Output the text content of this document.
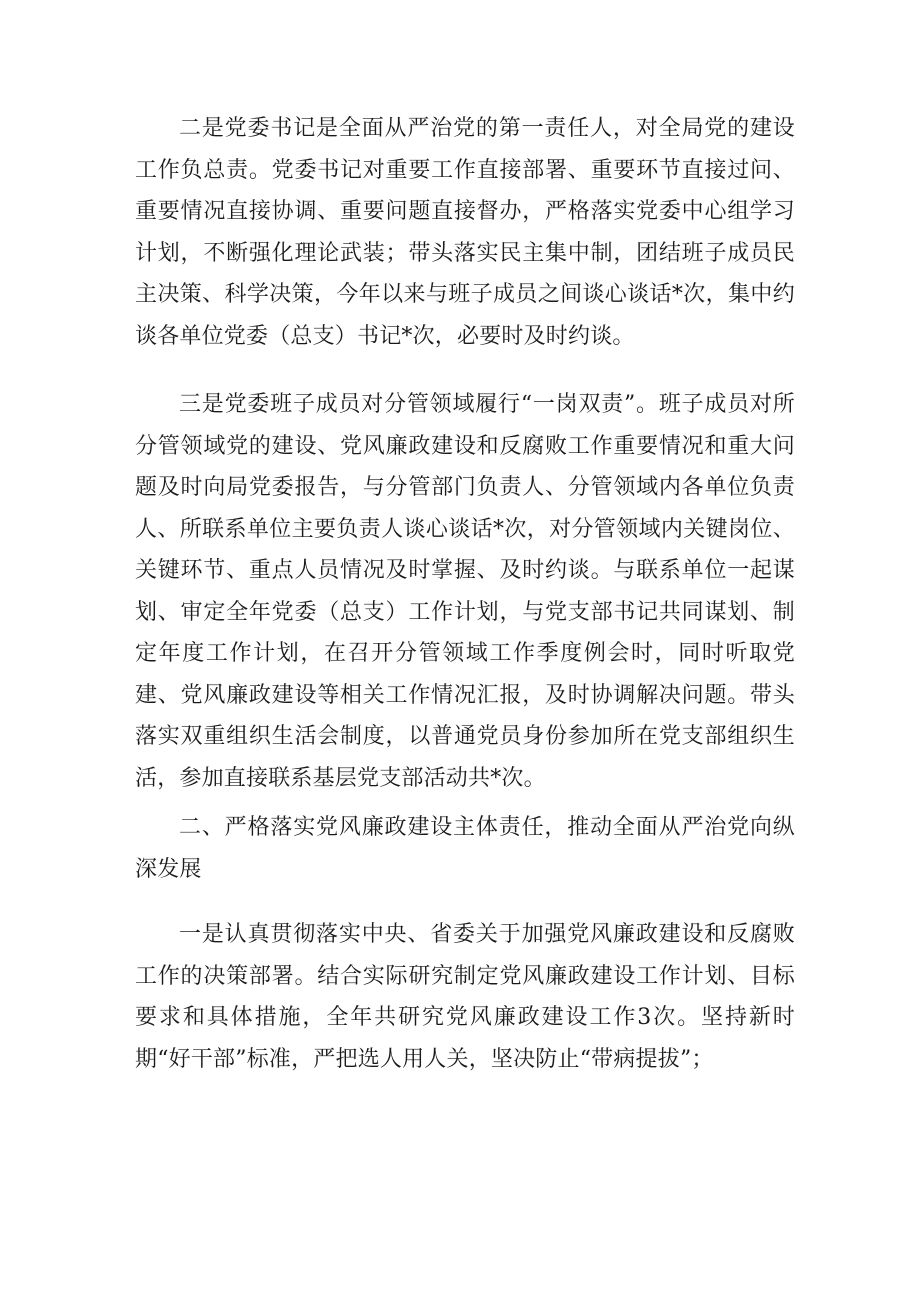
二是党委书记是全面从严治党的第一责任人，对全局党的建设工作负总责。党委书记对重要工作直接部署、重要环节直接过问、重要情况直接协调、重要问题直接督办，严格落实党委中心组学习计划，不断强化理论武装；带头落实民主集中制，团结班子成员民主决策、科学决策，今年以来与班子成员之间谈心谈话*次，集中约谈各单位党委（总支）书记*次，必要时及时约谈。

三是党委班子成员对分管领域履行“一岗双责”。班子成员对所分管领域党的建设、党风廉政建设和反腐败工作重要情况和重大问题及时向局党委报告，与分管部门负责人、分管领域内各单位负责人、所联系单位主要负责人谈心谈话*次，对分管领域内关键岗位、关键环节、重点人员情况及时掌握、及时约谈。与联系单位一起谋划、审定全年党委（总支）工作计划，与党支部书记共同谋划、制定年度工作计划，在召开分管领域工作季度例会时，同时听取党建、党风廉政建设等相关工作情况汇报，及时协调解决问题。带头落实双重组织生活会制度，以普通党员身份参加所在党支部组织生活，参加直接联系基层党支部活动共*次。

二、严格落实党风廉政建设主体责任，推动全面从严治党向纵深发展

一是认真贯彻落实中央、省委关于加强党风廉政建设和反腐败工作的决策部署。结合实际研究制定党风廉政建设工作计划、目标要求和具体措施，全年共研究党风廉政建设工作3次。坚持新时期“好干部”标准，严把选人用人关，坚决防止“带病提拔”；
